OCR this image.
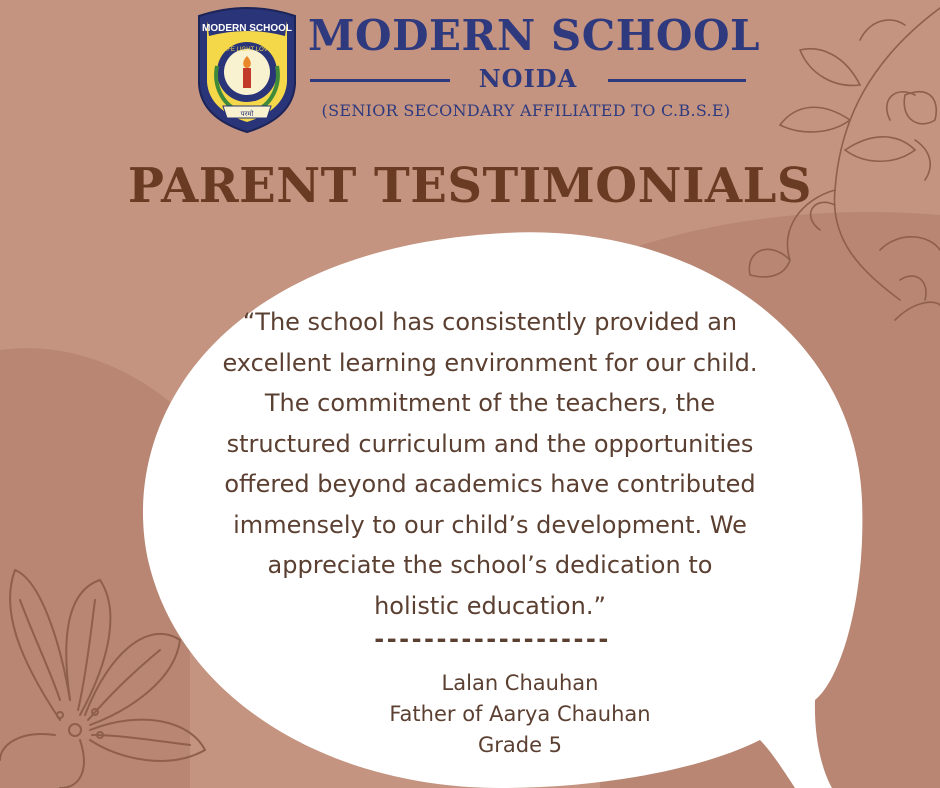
MODERN SCHOOL
LIFE LIGHT LOVE
परमो
MODERN SCHOOL
NOIDA
(SENIOR SECONDARY AFFILIATED TO C.B.S.E)
PARENT TESTIMONIALS
“The school has consistently provided an
excellent learning environment for our child.
The commitment of the teachers, the
structured curriculum and the opportunities
offered beyond academics have contributed
immensely to our child’s development. We
appreciate the school’s dedication to
holistic education.”
-------------------
Lalan Chauhan
Father of Aarya Chauhan
Grade 5
